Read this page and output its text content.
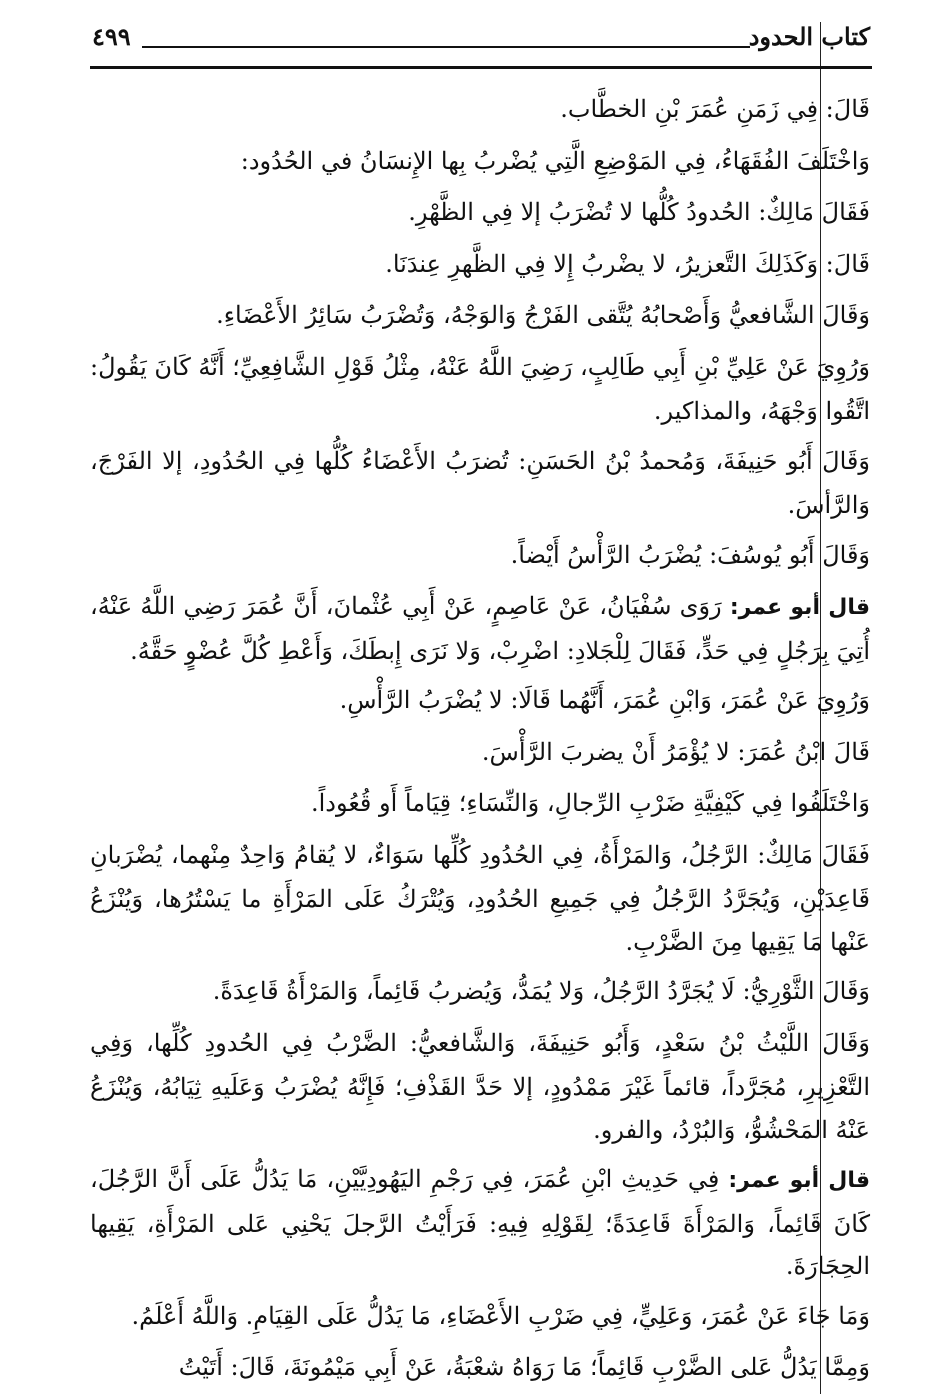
كتاب الحدود
٤٩٩

قَالَ: فِي زَمَنِ عُمَرَ بْنِ الخطَّاب.

وَاخْتَلَفَ الفُقَهَاءُ، فِي المَوْضِعِ الَّتِي يُضْربُ بِها الإِنسَانُ في الحُدُود:

فَقَالَ مَالِكٌ: الحُدودُ كُلُّها لا تُضْرَبُ إلا فِي الظَّهْرِ.

قَالَ: وَكَذَلِكَ التَّعزيرُ، لا يضْربُ إِلا فِي الظَّهرِ عِندَنَا.

وَقَالَ الشَّافعيُّ وَأَصْحابُهُ يُتَّقى الفَرْجُ وَالوَجْهُ، وَتُضْرَبُ سَائِرُ الأَعْضَاءِ.

وَرُوِيَ عَنْ عَلِيِّ بْنِ أَبِي طَالِبٍ، رَضِيَ اللَّهُ عَنْهُ، مِثْلُ قَوْلِ الشَّافِعِيِّ؛ أَنَّهُ كَانَ يَقُولُ: اتَّقُوا وَجْهَهُ، والمذاكير.

وَقَالَ أَبُو حَنِيفَةَ، وَمُحمدُ بْنُ الحَسَنِ: تُضرَبُ الأَعْضَاءُ كُلُّها فِي الحُدُودِ، إلا الفَرْجَ، وَالرَّأسَ.

وَقَالَ أَبُو يُوسُفَ: يُضْرَبُ الرَّأْسُ أَيْضاً.

قال أبو عمر: رَوَى سُفْيَانُ، عَنْ عَاصِمٍ، عَنْ أَبِي عُثْمانَ، أَنَّ عُمَرَ رَضِي اللَّهُ عَنْهُ، أُتِيَ بِرَجُلٍ فِي حَدٍّ، فَقَالَ لِلْجَلادِ: اضْرِبْ، وَلا نَرَى إِبطَكَ، وَأَعْطِ كُلَّ عُضْوٍ حَقَّهُ.

وَرُوِيَ عَنْ عُمَرَ، وَابْنِ عُمَرَ، أَنَّهُما قَالَا: لا يُضْرَبُ الرَّأْسِ.

قَالَ ابْنُ عُمَرَ: لا يُؤْمَرُ أَنْ يضربَ الرَّأْسَ.

وَاخْتَلَفُوا فِي كَيْفِيَّةِ ضَرْبِ الرِّجالِ، وَالنِّسَاءِ؛ قِيَاماً أَو قُعُوداً.

فَقَالَ مَالِكٌ: الرَّجُلُ، وَالمَرْأَةُ، فِي الحُدُودِ كُلِّها سَوَاءٌ، لا يُقامُ وَاحِدٌ مِنْهما، يُضْرَبانِ قَاعِدَيْنِ، وَيُجَرَّدُ الرَّجُلُ فِي جَمِيعِ الحُدُودِ، وَيُتْرَكُ عَلَى المَرْأَةِ ما يَسْتُرُها، وَيُنْزَعُ عَنْها مَا يَقِيها مِنَ الضَّرْبِ.

وَقَالَ الثَّوْرِيُّ: لَا يُجَرَّدُ الرَّجُلُ، وَلا يُمَدُّ، وَيُضربُ قَائِماً، وَالمَرْأَةُ قَاعِدَةً.

وَقَالَ اللَّيْثُ بْنُ سَعْدٍ، وَأَبُو حَنِيفَةَ، وَالشَّافعيُّ: الضَّرْبُ فِي الحُدودِ كُلِّها، وَفِي التَّعْزِيرِ، مُجَرَّداً، قائماً غَيْرَ مَمْدُودٍ، إلا حَدَّ القَذْفِ؛ فَإِنَّهُ يُضْرَبُ وَعَلَيهِ ثِيَابُهُ، وَيُنْزَعُ عَنْهُ المَحْشُوُّ، وَالبُرْدُ، والفرو.

قال أبو عمر: فِي حَدِيثِ ابْنِ عُمَرَ، فِي رَجْمِ اليَهُودِيَّيْنِ، مَا يَدُلُّ عَلَى أَنَّ الرَّجُلَ، كَانَ قَائِماً، وَالمَرْأَةَ قَاعِدَةً؛ لِقَوْلِهِ فِيهِ: فَرَأَيْتُ الرَّجلَ يَحْنِي عَلى المَرْأَةِ، يَقِيها الحِجَارَةَ.

وَمَا جَاءَ عَنْ عُمَرَ، وَعَلِيٍّ، فِي ضَرْبِ الأَعْضَاءِ، مَا يَدُلُّ عَلَى القِيَامِ. وَاللَّهُ أَعْلَمُ.

وَمِمَّا يَدُلُّ عَلى الضَّرْبِ قَائِماً؛ مَا رَوَاهُ شعْبَةُ، عَنْ أَبِي مَيْمُونَةَ، قَالَ: أَتَيْتُ
